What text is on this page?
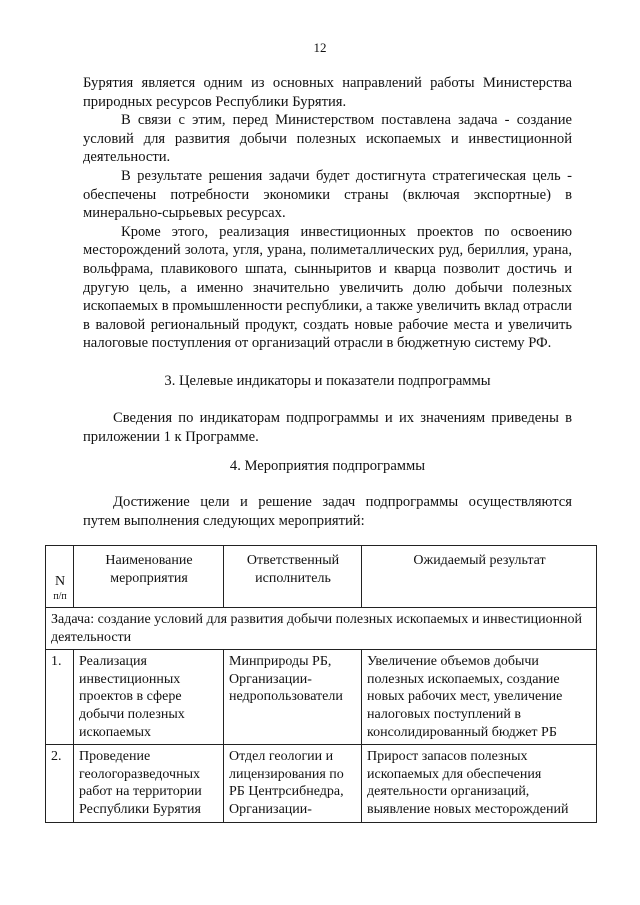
12

Бурятия является одним из основных направлений работы Министерства природных ресурсов Республики Бурятия.

В связи с этим, перед Министерством поставлена задача - создание условий для развития добычи полезных ископаемых и инвестиционной деятельности.

В результате решения задачи будет достигнута стратегическая цель - обеспечены потребности экономики страны (включая экспортные) в минерально-сырьевых ресурсах.

Кроме этого, реализация инвестиционных проектов по освоению месторождений золота, угля, урана, полиметаллических руд, бериллия, урана, вольфрама, плавикового шпата, сынныритов и кварца позволит достичь и другую цель, а именно значительно увеличить долю добычи полезных ископаемых в промышленности республики, а также увеличить вклад отрасли в валовой региональный продукт, создать новые рабочие места и увеличить налоговые поступления от организаций отрасли в бюджетную систему РФ.

3. Целевые индикаторы и показатели подпрограммы
Сведения по индикаторам подпрограммы и их значениям приведены в приложении 1 к Программе.
4. Мероприятия подпрограммы
Достижение цели и решение задач подпрограммы осуществляются путем выполнения следующих мероприятий:
N
п/п	Наименование мероприятия	Ответственный исполнитель	Ожидаемый результат
Задача: создание условий для развития добычи полезных ископаемых и инвестиционной деятельности			
1.	Реализация инвестиционных проектов в сфере добычи полезных ископаемых	Минприроды РБ, Организации-недропользователи	Увеличение объемов добычи полезных ископаемых, создание новых рабочих мест, увеличение налоговых поступлений в консолидированный бюджет РБ
2.	Проведение геологоразведочных работ на территории Республики Бурятия	Отдел геологии и лицензирования по РБ Центрсибнедра, Организации-	Прирост запасов полезных ископаемых для обеспечения деятельности организаций, выявление новых месторождений
